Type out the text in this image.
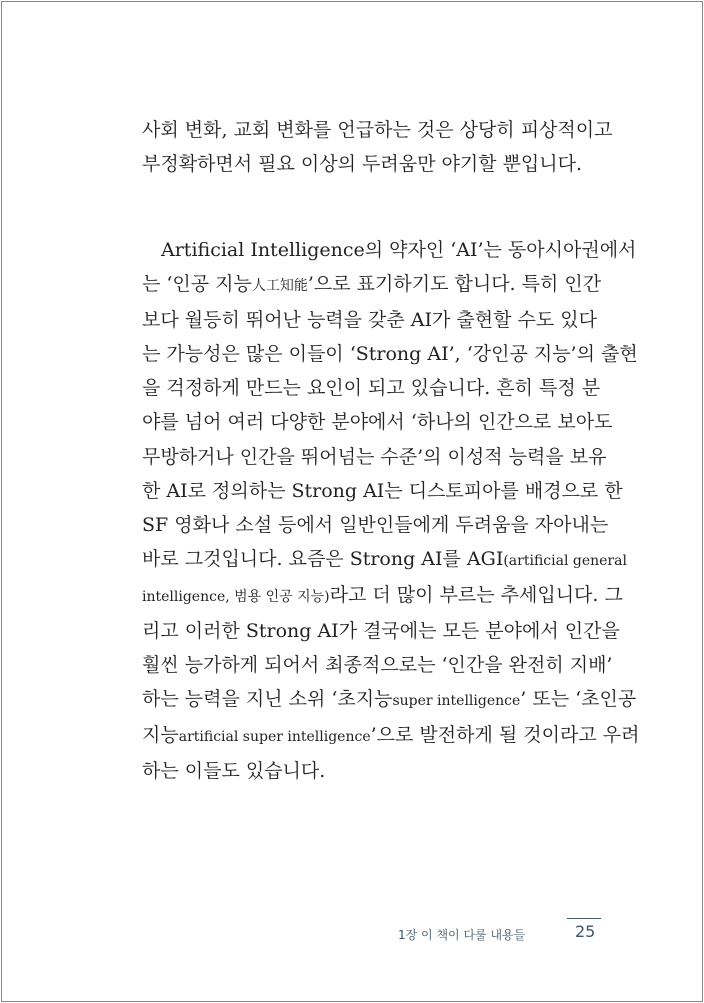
사회 변화, 교회 변화를 언급하는 것은 상당히 피상적이고
부정확하면서 필요 이상의 두려움만 야기할 뿐입니다.
Artificial Intelligence의 약자인 ‘AI’는 동아시아권에서
는 ‘인공 지능人工知能’으로 표기하기도 합니다. 특히 인간
보다 월등히 뛰어난 능력을 갖춘 AI가 출현할 수도 있다
는 가능성은 많은 이들이 ‘Strong AI’, ‘강인공 지능’의 출현
을 걱정하게 만드는 요인이 되고 있습니다. 흔히 특정 분
야를 넘어 여러 다양한 분야에서 ‘하나의 인간으로 보아도
무방하거나 인간을 뛰어넘는 수준’의 이성적 능력을 보유
한 AI로 정의하는 Strong AI는 디스토피아를 배경으로 한
SF 영화나 소설 등에서 일반인들에게 두려움을 자아내는
바로 그것입니다. 요즘은 Strong AI를 AGI(artificial general
intelligence, 범용 인공 지능)라고 더 많이 부르는 추세입니다. 그
리고 이러한 Strong AI가 결국에는 모든 분야에서 인간을
훨씬 능가하게 되어서 최종적으로는 ‘인간을 완전히 지배’
하는 능력을 지닌 소위 ‘초지능super intelligence’ 또는 ‘초인공
지능artificial super intelligence’으로 발전하게 될 것이라고 우려
하는 이들도 있습니다.
1장 이 책이 다룰 내용들	25
